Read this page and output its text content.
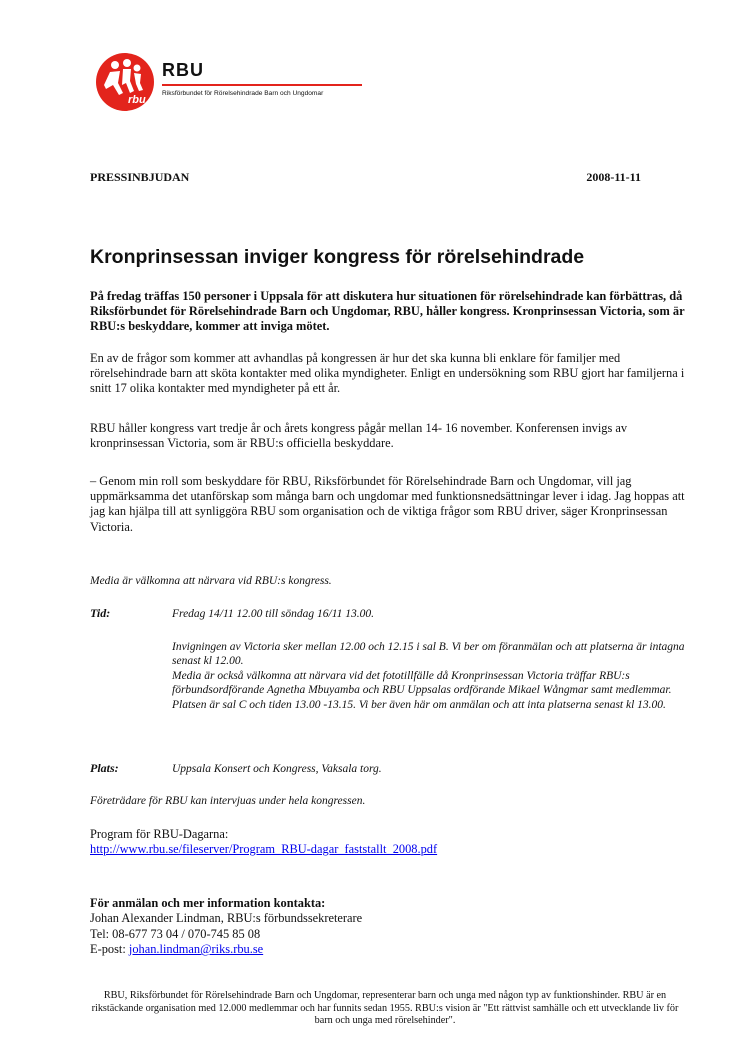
rbu
RBU
Riksförbundet för Rörelsehindrade Barn och Ungdomar
PRESSINBJUDAN	2008-11-11
Kronprinsessan inviger kongress för rörelsehindrade

På fredag träffas 150 personer i Uppsala för att diskutera hur situationen för rörelsehindrade kan förbättras, då Riksförbundet för Rörelsehindrade Barn och Ungdomar, RBU, håller kongress. Kronprinsessan Victoria, som är RBU:s beskyddare, kommer att inviga mötet.

En av de frågor som kommer att avhandlas på kongressen är hur det ska kunna bli enklare för familjer med rörelsehindrade barn att sköta kontakter med olika myndigheter. Enligt en undersökning som RBU gjort har familjerna i snitt 17 olika kontakter med myndigheter på ett år.

RBU håller kongress vart tredje år och årets kongress pågår mellan 14- 16 november. Konferensen invigs av kronprinsessan Victoria, som är RBU:s officiella beskyddare.

– Genom min roll som beskyddare för RBU, Riksförbundet för Rörelsehindrade Barn och Ungdomar, vill jag uppmärksamma det utanförskap som många barn och ungdomar med funktionsnedsättningar lever i idag. Jag hoppas att jag kan hjälpa till att synliggöra RBU som organisation och de viktiga frågor som RBU driver, säger Kronprinsessan Victoria.

Media är välkomna att närvara vid RBU:s kongress.
Tid:	Fredag 14/11 12.00 till söndag 16/11 13.00.
Invigningen av Victoria sker mellan 12.00 och 12.15 i sal B. Vi ber om föranmälan och att platserna är intagna senast kl 12.00.
Media är också välkomna att närvara vid det fototillfälle då Kronprinsessan Victoria träffar RBU:s förbundsordförande Agnetha Mbuyamba och RBU Uppsalas ordförande Mikael Wångmar samt medlemmar. Platsen är sal C och tiden 13.00 -13.15. Vi ber även här om anmälan och att inta platserna senast kl 13.00.
Plats:	Uppsala Konsert och Kongress, Vaksala torg.
Företrädare för RBU kan intervjuas under hela kongressen.
Program för RBU-Dagarna:
http://www.rbu.se/fileserver/Program_RBU-dagar_faststallt_2008.pdf
För anmälan och mer information kontakta:
Johan Alexander Lindman, RBU:s förbundssekreterare
Tel: 08-677 73 04 / 070-745 85 08
E-post: johan.lindman@riks.rbu.se
RBU, Riksförbundet för Rörelsehindrade Barn och Ungdomar, representerar barn och unga med någon typ av funktionshinder. RBU är en rikstäckande organisation med 12.000 medlemmar och har funnits sedan 1955. RBU:s vision är "Ett rättvist samhälle och ett utvecklande liv för barn och unga med rörelsehinder".
